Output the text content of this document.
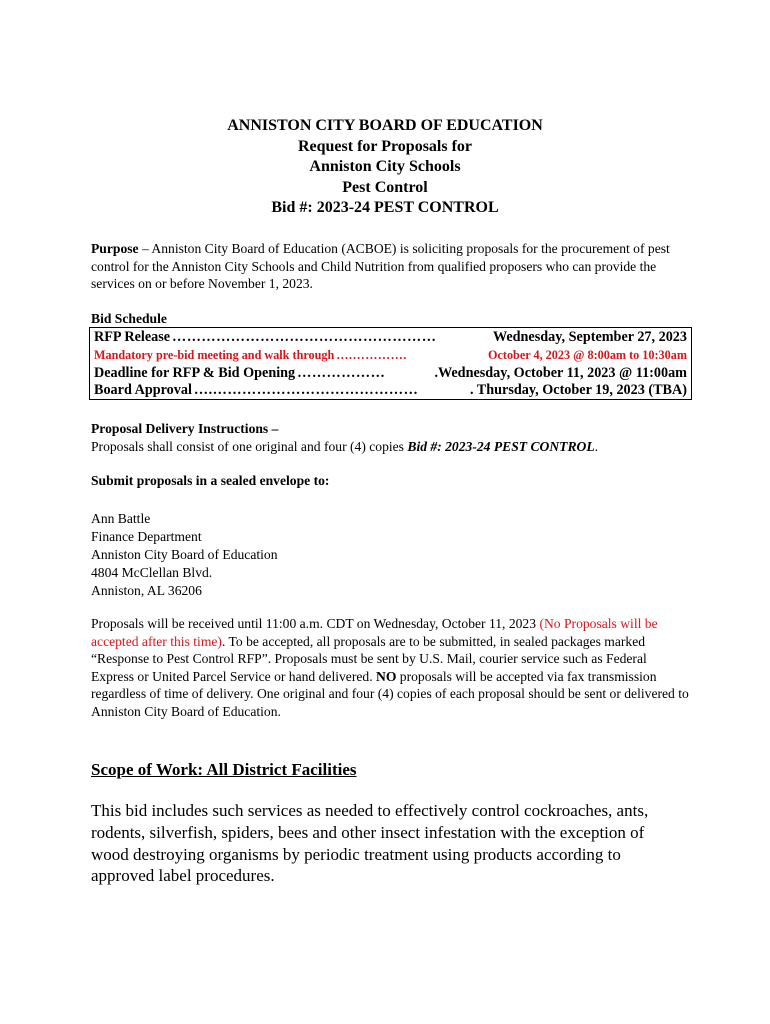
ANNISTON CITY BOARD OF EDUCATION
Request for Proposals for
Anniston City Schools
Pest Control
Bid #: 2023-24 PEST CONTROL
Purpose – Anniston City Board of Education (ACBOE) is soliciting proposals for the procurement of pest control for the Anniston City Schools and Child Nutrition from qualified proposers who can provide the services on or before November 1, 2023.
Bid Schedule
RFP Release ………………………………………………	Wednesday, September 27, 2023
Mandatory pre-bid meeting and walk through ….………….	October 4, 2023 @ 8:00am to 10:30am
Deadline for RFP & Bid Opening ………………	.Wednesday, October 11, 2023 @ 11:00am
Board Approval ….……………………………………	. Thursday, October 19, 2023 (TBA)
Proposal Delivery Instructions –
Proposals shall consist of one original and four (4) copies Bid #: 2023-24 PEST CONTROL.
Submit proposals in a sealed envelope to:
Ann Battle
Finance Department
Anniston City Board of Education
4804 McClellan Blvd.
Anniston, AL 36206
Proposals will be received until 11:00 a.m. CDT on Wednesday, October 11, 2023 (No Proposals will be accepted after this time). To be accepted, all proposals are to be submitted, in sealed packages marked “Response to Pest Control RFP”. Proposals must be sent by U.S. Mail, courier service such as Federal Express or United Parcel Service or hand delivered. NO proposals will be accepted via fax transmission regardless of time of delivery. One original and four (4) copies of each proposal should be sent or delivered to Anniston City Board of Education.
Scope of Work: All District Facilities
This bid includes such services as needed to effectively control cockroaches, ants, rodents, silverfish, spiders, bees and other insect infestation with the exception of wood destroying organisms by periodic treatment using products according to approved label procedures.
